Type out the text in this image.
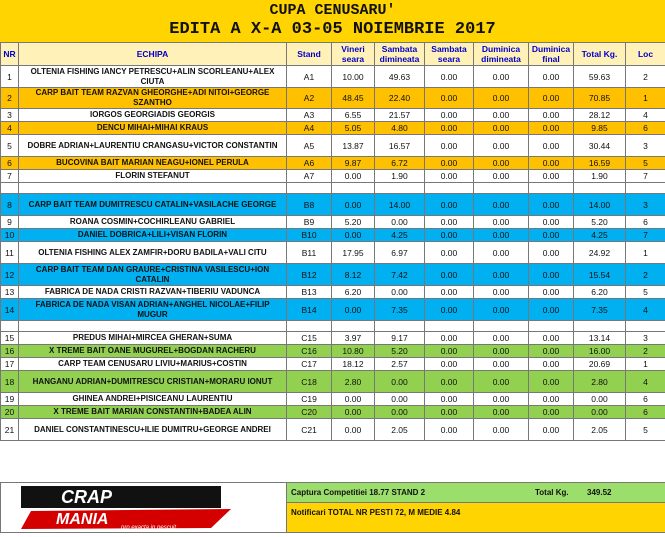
CUPA CENUSARU'
EDITA A X-A 03-05 NOIEMBRIE 2017
NR	ECHIPA	Stand	Vineri seara	Sambata dimineata	Sambata seara	Duminica dimineata	Duminica final	Total Kg.	Loc
1	OLTENIA FISHING IANCY PETRESCU+ALIN SCORLEANU+ALEX CIUTA	A1	10.00	49.63	0.00	0.00	0.00	59.63	2
2	CARP BAIT TEAM RAZVAN GHEORGHE+ADI NITOI+GEORGE SZANTHO	A2	48.45	22.40	0.00	0.00	0.00	70.85	1
3	IORGOS GEORGIADIS GEORGIS	A3	6.55	21.57	0.00	0.00	0.00	28.12	4
4	DENCU MIHAI+MIHAI KRAUS	A4	5.05	4.80	0.00	0.00	0.00	9.85	6
5	DOBRE ADRIAN+LAURENTIU CRANGASU+VICTOR CONSTANTIN	A5	13.87	16.57	0.00	0.00	0.00	30.44	3
6	BUCOVINA BAIT MARIAN NEAGU+IONEL PERULA	A6	9.87	6.72	0.00	0.00	0.00	16.59	5
7	FLORIN STEFANUT	A7	0.00	1.90	0.00	0.00	0.00	1.90	7

8	CARP BAIT TEAM DUMITRESCU CATALIN+VASILACHE GEORGE	B8	0.00	14.00	0.00	0.00	0.00	14.00	3
9	ROANA COSMIN+COCHIRLEANU GABRIEL	B9	5.20	0.00	0.00	0.00	0.00	5.20	6
10	DANIEL DOBRICA+LILI+VISAN FLORIN	B10	0.00	4.25	0.00	0.00	0.00	4.25	7
11	OLTENIA FISHING ALEX ZAMFIR+DORU BADILA+VALI CITU	B11	17.95	6.97	0.00	0.00	0.00	24.92	1
12	CARP BAIT TEAM DAN GRAURE+CRISTINA VASILESCU+ION CATALIN	B12	8.12	7.42	0.00	0.00	0.00	15.54	2
13	FABRICA DE NADA CRISTI RAZVAN+TIBERIU VADUNCA	B13	6.20	0.00	0.00	0.00	0.00	6.20	5
14	FABRICA DE NADA VISAN ADRIAN+ANGHEL NICOLAE+FILIP MUGUR	B14	0.00	7.35	0.00	0.00	0.00	7.35	4

15	PREDUS MIHAI+MIRCEA GHERAN+SUMA	C15	3.97	9.17	0.00	0.00	0.00	13.14	3
16	X TREME BAIT OANE MUGUREL+BOGDAN RACHERU	C16	10.80	5.20	0.00	0.00	0.00	16.00	2
17	CARP TEAM CENUSARU LIVIU+MARIUS+COSTIN	C17	18.12	2.57	0.00	0.00	0.00	20.69	1
18	HANGANU ADRIAN+DUMITRESCU CRISTIAN+MORARU IONUT	C18	2.80	0.00	0.00	0.00	0.00	2.80	4
19	GHINEA ANDREI+PISICEANU LAURENTIU	C19	0.00	0.00	0.00	0.00	0.00	0.00	6
20	X TREME BAIT MARIAN CONSTANTIN+BADEA ALIN	C20	0.00	0.00	0.00	0.00	0.00	0.00	6
21	DANIEL CONSTANTINESCU+ILIE DUMITRU+GEORGE ANDREI	C21	0.00	2.05	0.00	0.00	0.00	2.05	5
CRAP
MANIA pro exacta in pescuit
Captura Competitiei 18.77 STAND 2	Total Kg. 349.52
Notificari TOTAL NR PESTI 72, M MEDIE 4.84
